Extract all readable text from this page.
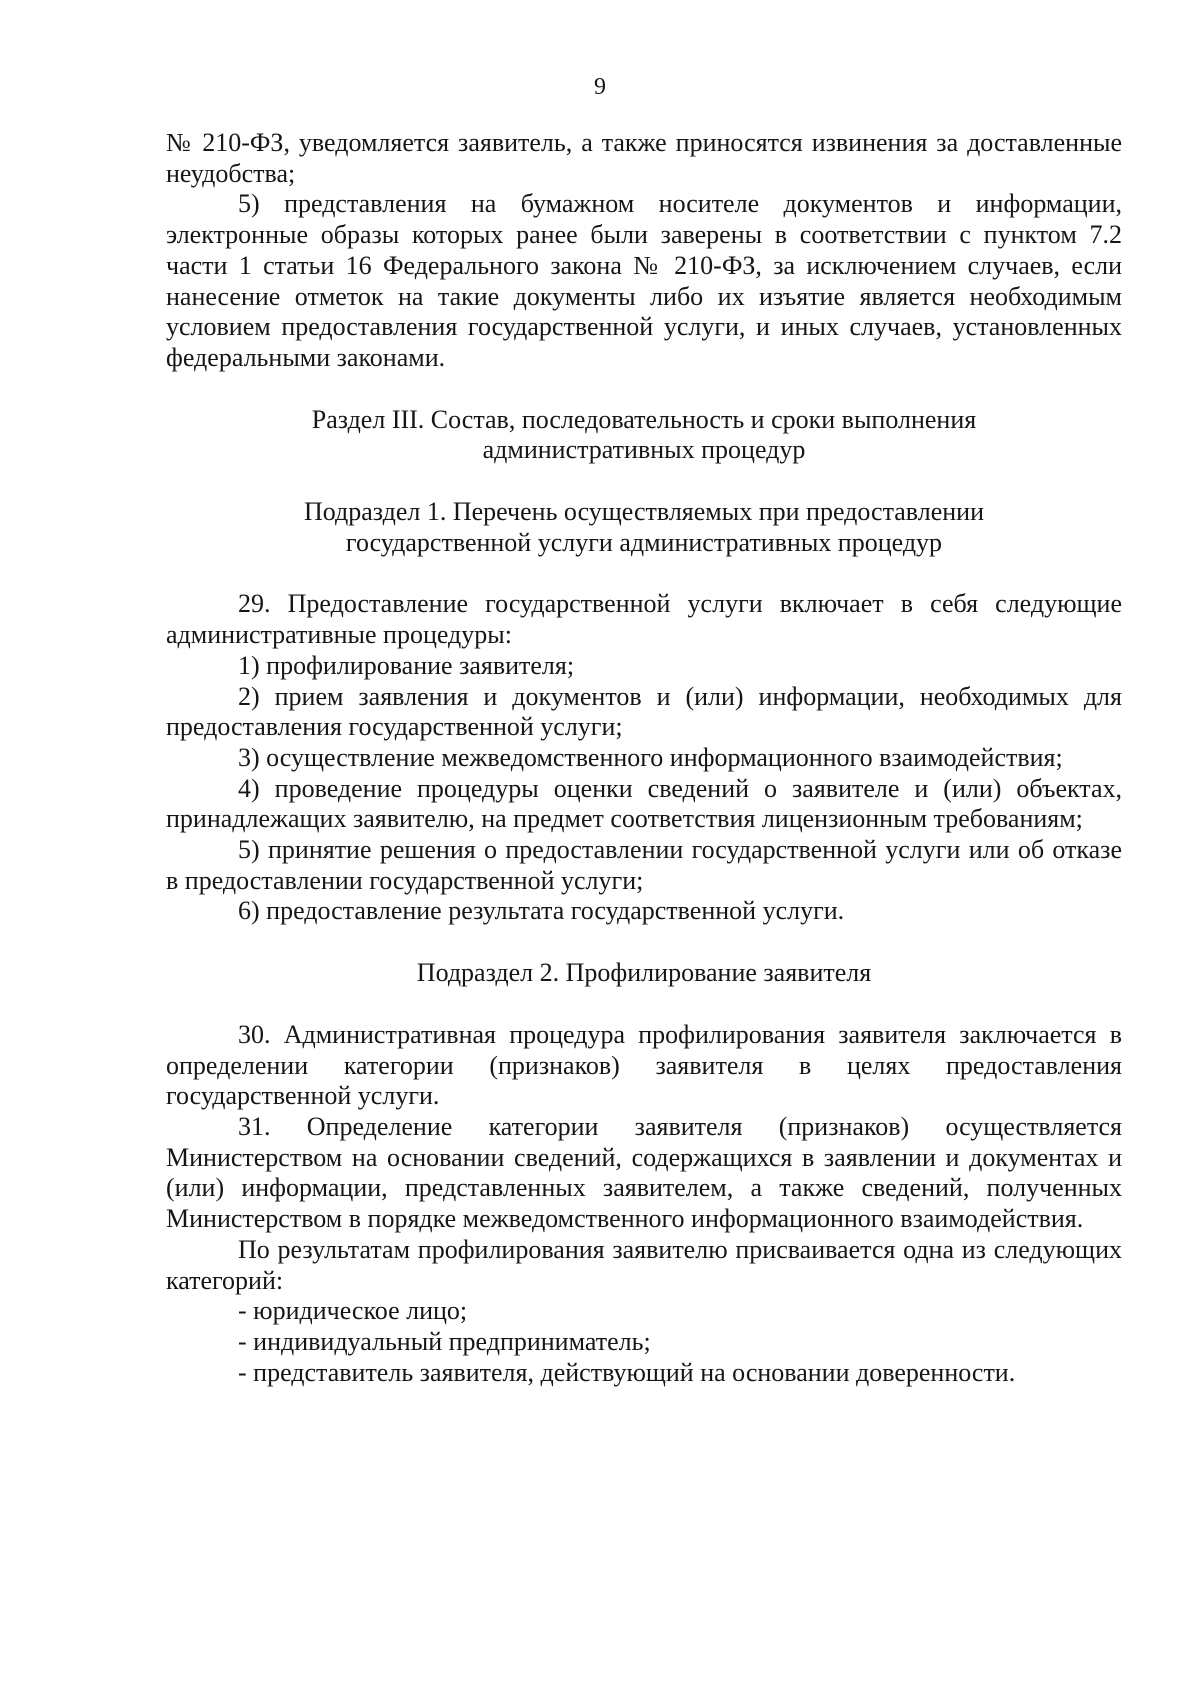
9

№ 210-ФЗ, уведомляется заявитель, а также приносятся извинения за доставленные неудобства;

5) представления на бумажном носителе документов и информации, электронные образы которых ранее были заверены в соответствии с пунктом 7.2 части 1 статьи 16 Федерального закона № 210-ФЗ, за исключением случаев, если нанесение отметок на такие документы либо их изъятие является необходимым условием предоставления государственной услуги, и иных случаев, установленных федеральными законами.

Раздел III. Состав, последовательность и сроки выполнения

административных процедур

Подраздел 1. Перечень осуществляемых при предоставлении

государственной услуги административных процедур

29. Предоставление государственной услуги включает в себя следующие административные процедуры:

1) профилирование заявителя;

2) прием заявления и документов и (или) информации, необходимых для предоставления государственной услуги;

3) осуществление межведомственного информационного взаимодействия;

4) проведение процедуры оценки сведений о заявителе и (или) объектах, принадлежащих заявителю, на предмет соответствия лицензионным требованиям;

5) принятие решения о предоставлении государственной услуги или об отказе в предоставлении государственной услуги;

6) предоставление результата государственной услуги.

Подраздел 2. Профилирование заявителя

30. Административная процедура профилирования заявителя заключается в определении категории (признаков) заявителя в целях предоставления государственной услуги.

31. Определение категории заявителя (признаков) осуществляется Министерством на основании сведений, содержащихся в заявлении и документах и (или) информации, представленных заявителем, а также сведений, полученных Министерством в порядке межведомственного информационного взаимодействия.

По результатам профилирования заявителю присваивается одна из следующих категорий:

- юридическое лицо;

- индивидуальный предприниматель;

- представитель заявителя, действующий на основании доверенности.
